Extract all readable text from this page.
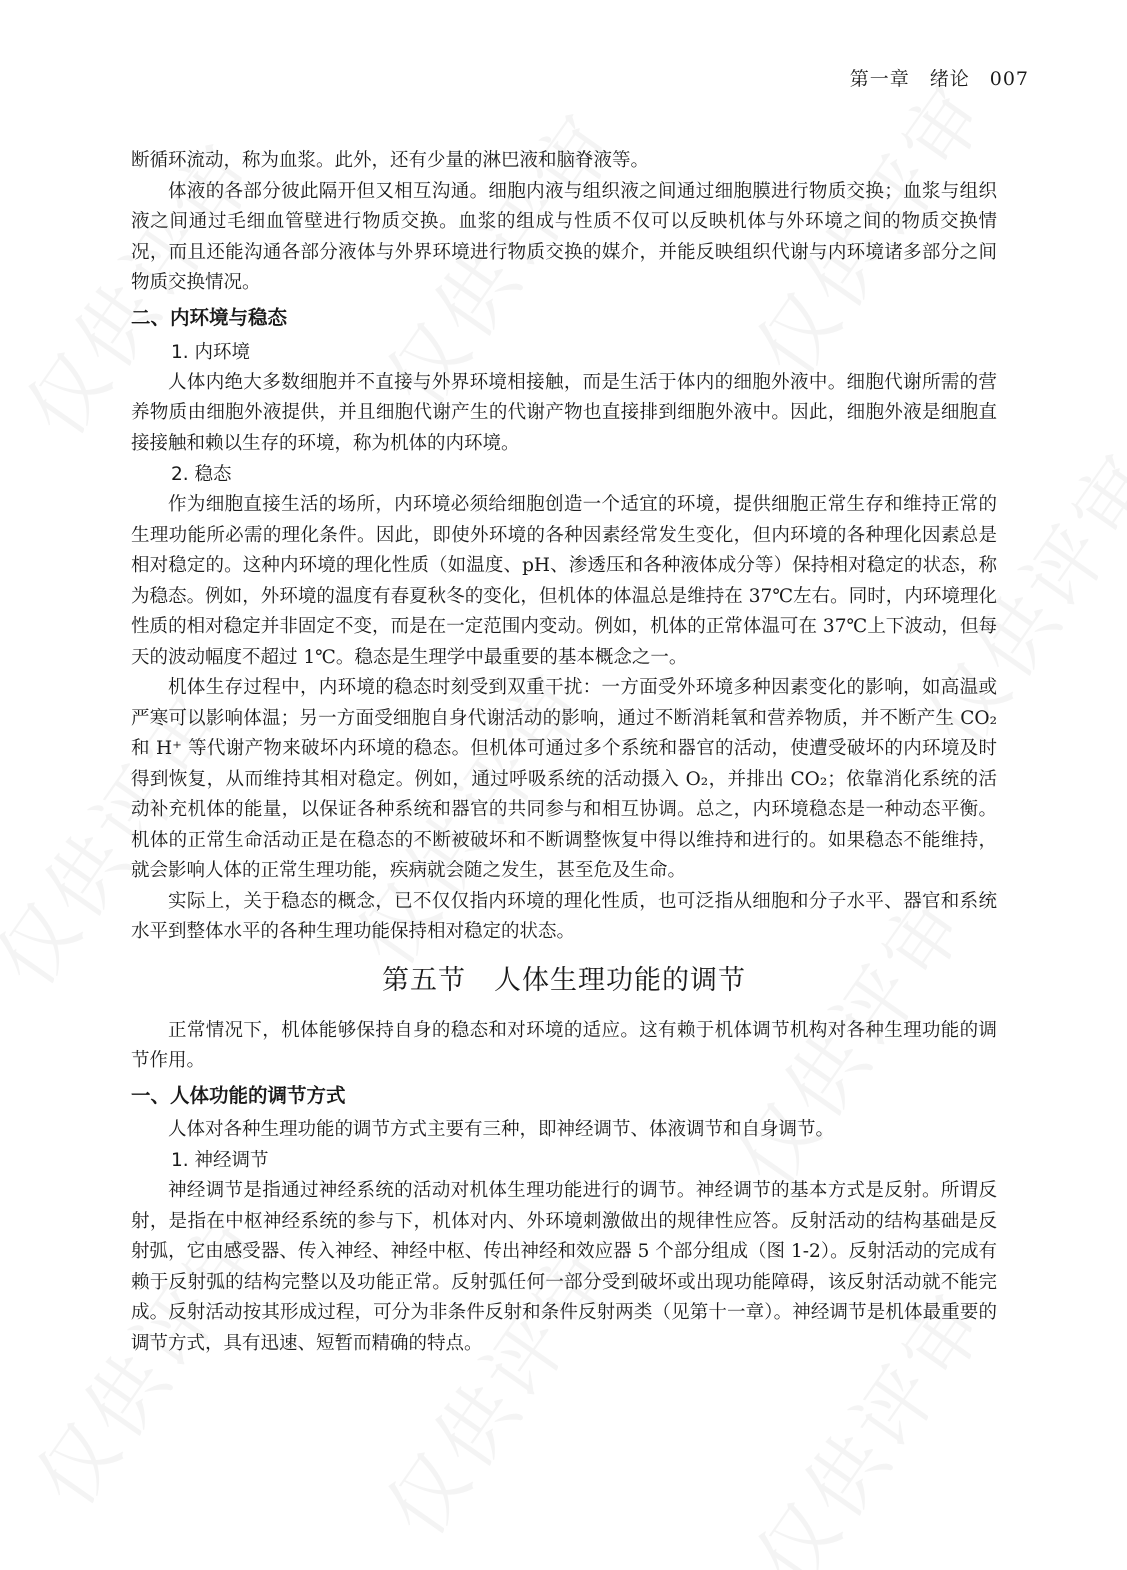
第一章　绪论 007

断循环流动，称为血浆。此外，还有少量的淋巴液和脑脊液等。

体液的各部分彼此隔开但又相互沟通。细胞内液与组织液之间通过细胞膜进行物质交换；血浆与组织液之间通过毛细血管壁进行物质交换。血浆的组成与性质不仅可以反映机体与外环境之间的物质交换情况，而且还能沟通各部分液体与外界环境进行物质交换的媒介，并能反映组织代谢与内环境诸多部分之间物质交换情况。

二、内环境与稳态
1. 内环境

人体内绝大多数细胞并不直接与外界环境相接触，而是生活于体内的细胞外液中。细胞代谢所需的营养物质由细胞外液提供，并且细胞代谢产生的代谢产物也直接排到细胞外液中。因此，细胞外液是细胞直接接触和赖以生存的环境，称为机体的内环境。

2. 稳态

作为细胞直接生活的场所，内环境必须给细胞创造一个适宜的环境，提供细胞正常生存和维持正常的生理功能所必需的理化条件。因此，即使外环境的各种因素经常发生变化，但内环境的各种理化因素总是相对稳定的。这种内环境的理化性质（如温度、pH、渗透压和各种液体成分等）保持相对稳定的状态，称为稳态。例如，外环境的温度有春夏秋冬的变化，但机体的体温总是维持在 37℃左右。同时，内环境理化性质的相对稳定并非固定不变，而是在一定范围内变动。例如，机体的正常体温可在 37℃上下波动，但每天的波动幅度不超过 1℃。稳态是生理学中最重要的基本概念之一。

机体生存过程中，内环境的稳态时刻受到双重干扰：一方面受外环境多种因素变化的影响，如高温或严寒可以影响体温；另一方面受细胞自身代谢活动的影响，通过不断消耗氧和营养物质，并不断产生 CO₂ 和 H⁺ 等代谢产物来破坏内环境的稳态。但机体可通过多个系统和器官的活动，使遭受破坏的内环境及时得到恢复，从而维持其相对稳定。例如，通过呼吸系统的活动摄入 O₂，并排出 CO₂；依靠消化系统的活动补充机体的能量，以保证各种系统和器官的共同参与和相互协调。总之，内环境稳态是一种动态平衡。机体的正常生命活动正是在稳态的不断被破坏和不断调整恢复中得以维持和进行的。如果稳态不能维持，就会影响人体的正常生理功能，疾病就会随之发生，甚至危及生命。

实际上，关于稳态的概念，已不仅仅指内环境的理化性质，也可泛指从细胞和分子水平、器官和系统水平到整体水平的各种生理功能保持相对稳定的状态。

第五节　人体生理功能的调节

正常情况下，机体能够保持自身的稳态和对环境的适应。这有赖于机体调节机构对各种生理功能的调节作用。

一、人体功能的调节方式

人体对各种生理功能的调节方式主要有三种，即神经调节、体液调节和自身调节。

1. 神经调节

神经调节是指通过神经系统的活动对机体生理功能进行的调节。神经调节的基本方式是反射。所谓反射，是指在中枢神经系统的参与下，机体对内、外环境刺激做出的规律性应答。反射活动的结构基础是反射弧，它由感受器、传入神经、神经中枢、传出神经和效应器 5 个部分组成（图 1-2）。反射活动的完成有赖于反射弧的结构完整以及功能正常。反射弧任何一部分受到破坏或出现功能障碍，该反射活动就不能完成。反射活动按其形成过程，可分为非条件反射和条件反射两类（见第十一章）。神经调节是机体最重要的调节方式，具有迅速、短暂而精确的特点。
